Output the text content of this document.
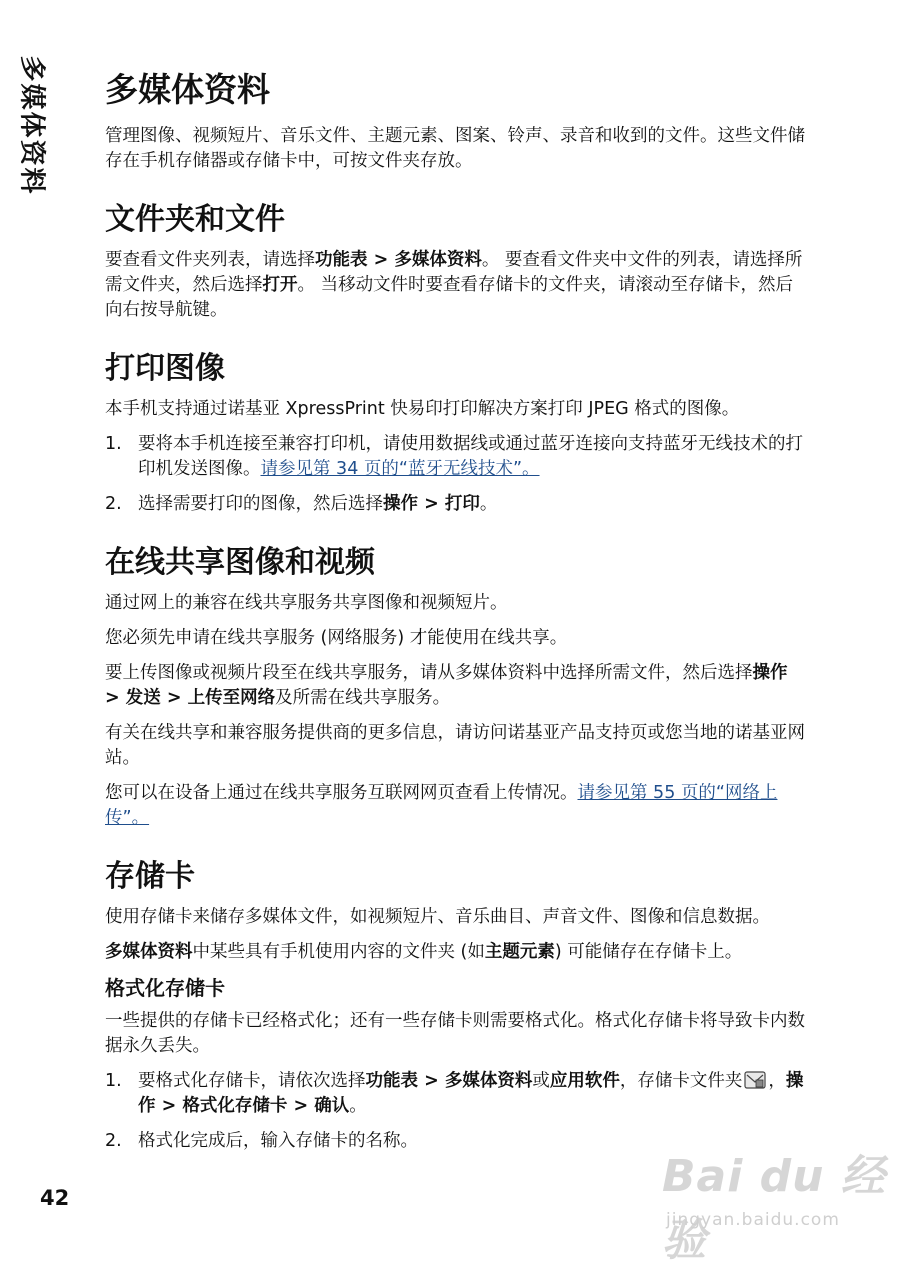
多媒体资料 多媒体资料

管理图像、视频短片、音乐文件、主题元素、图案、铃声、录音和收到的文件。这些文件储存在手机存储器或存储卡中，可按文件夹存放。

文件夹和文件

要查看文件夹列表，请选择功能表 > 多媒体资料。 要查看文件夹中文件的列表，请选择所需文件夹，然后选择打开。 当移动文件时要查看存储卡的文件夹，请滚动至存储卡，然后向右按导航键。

打印图像

本手机支持通过诺基亚 XpressPrint 快易印打印解决方案打印 JPEG 格式的图像。

1. 要将本手机连接至兼容打印机，请使用数据线或通过蓝牙连接向支持蓝牙无线技术的打印机发送图像。请参见第 34 页的“蓝牙无线技术”。
2. 选择需要打印的图像，然后选择操作 > 打印。
在线共享图像和视频

通过网上的兼容在线共享服务共享图像和视频短片。

您必须先申请在线共享服务 (网络服务) 才能使用在线共享。

要上传图像或视频片段至在线共享服务，请从多媒体资料中选择所需文件，然后选择操作 > 发送 > 上传至网络及所需在线共享服务。

有关在线共享和兼容服务提供商的更多信息，请访问诺基亚产品支持页或您当地的诺基亚网站。

您可以在设备上通过在线共享服务互联网网页查看上传情况。请参见第 55 页的“网络上传”。

存储卡

使用存储卡来储存多媒体文件，如视频短片、音乐曲目、声音文件、图像和信息数据。

多媒体资料中某些具有手机使用内容的文件夹 (如主题元素) 可能储存在存储卡上。

格式化存储卡

一些提供的存储卡已经格式化；还有一些存储卡则需要格式化。格式化存储卡将导致卡内数据永久丢失。

1. 要格式化存储卡，请依次选择功能表 > 多媒体资料或应用软件，存储卡文件夹 ，操作 > 格式化存储卡 > 确认。
2. 格式化完成后，输入存储卡的名称。
42	Bai du 经验
jingyan.baidu.com
